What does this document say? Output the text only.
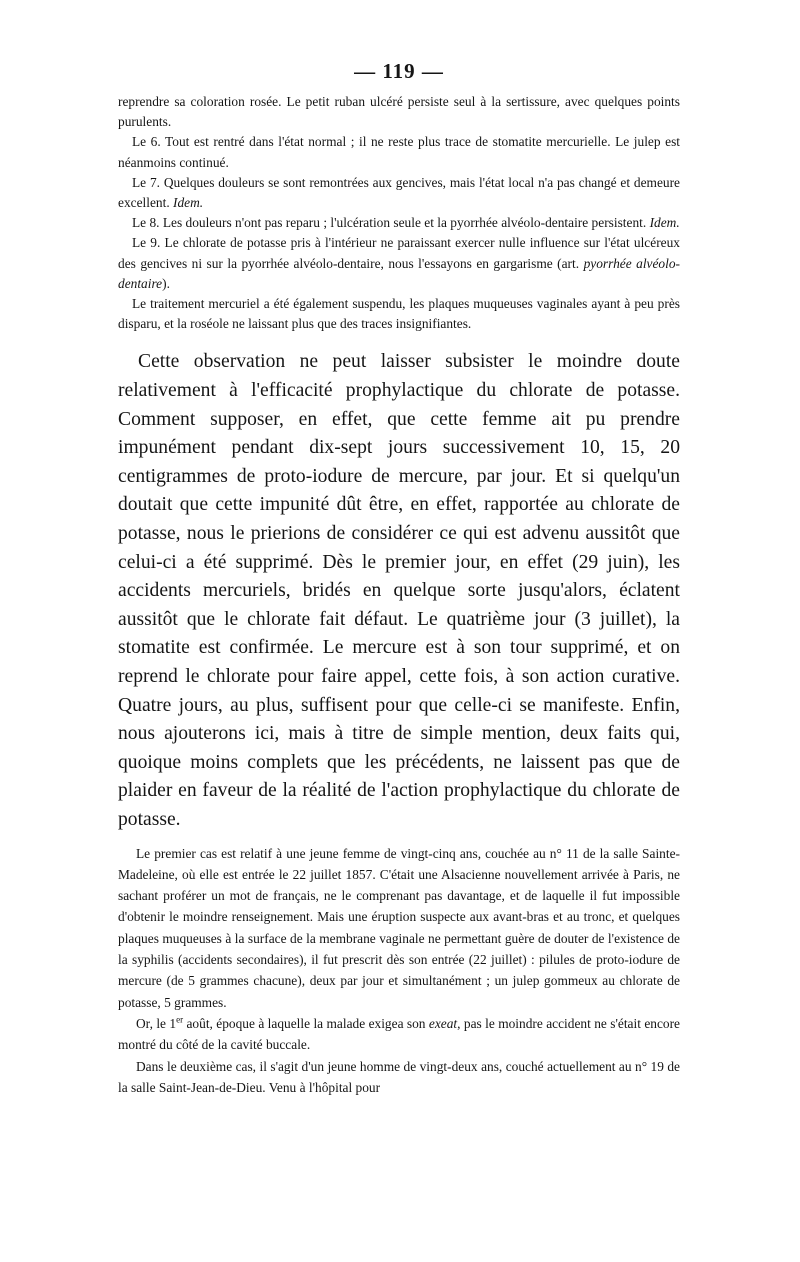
— 119 —

reprendre sa coloration rosée. Le petit ruban ulcéré persiste seul à la sertissure, avec quelques points purulents.

Le 6. Tout est rentré dans l'état normal ; il ne reste plus trace de stomatite mercurielle. Le julep est néanmoins continué.

Le 7. Quelques douleurs se sont remontrées aux gencives, mais l'état local n'a pas changé et demeure excellent. Idem.

Le 8. Les douleurs n'ont pas reparu ; l'ulcération seule et la pyorrhée alvéolo-dentaire persistent. Idem.

Le 9. Le chlorate de potasse pris à l'intérieur ne paraissant exercer nulle influence sur l'état ulcéreux des gencives ni sur la pyorrhée alvéolo-dentaire, nous l'essayons en gargarisme (art. pyorrhée alvéolo-dentaire).

Le traitement mercuriel a été également suspendu, les plaques muqueuses vaginales ayant à peu près disparu, et la roséole ne laissant plus que des traces insignifiantes.

Cette observation ne peut laisser subsister le moindre doute relativement à l'efficacité prophylactique du chlorate de potasse. Comment supposer, en effet, que cette femme ait pu prendre impunément pendant dix-sept jours successivement 10, 15, 20 centigrammes de proto-iodure de mercure, par jour. Et si quelqu'un doutait que cette impunité dût être, en effet, rapportée au chlorate de potasse, nous le prierions de considérer ce qui est advenu aussitôt que celui-ci a été supprimé. Dès le premier jour, en effet (29 juin), les accidents mercuriels, bridés en quelque sorte jusqu'alors, éclatent aussitôt que le chlorate fait défaut. Le quatrième jour (3 juillet), la stomatite est confirmée. Le mercure est à son tour supprimé, et on reprend le chlorate pour faire appel, cette fois, à son action curative. Quatre jours, au plus, suffisent pour que celle-ci se manifeste. Enfin, nous ajouterons ici, mais à titre de simple mention, deux faits qui, quoique moins complets que les précédents, ne laissent pas que de plaider en faveur de la réalité de l'action prophylactique du chlorate de potasse.

Le premier cas est relatif à une jeune femme de vingt-cinq ans, couchée au n° 11 de la salle Sainte-Madeleine, où elle est entrée le 22 juillet 1857. C'était une Alsacienne nouvellement arrivée à Paris, ne sachant proférer un mot de français, ne le comprenant pas davantage, et de laquelle il fut impossible d'obtenir le moindre renseignement. Mais une éruption suspecte aux avant-bras et au tronc, et quelques plaques muqueuses à la surface de la membrane vaginale ne permettant guère de douter de l'existence de la syphilis (accidents secondaires), il fut prescrit dès son entrée (22 juillet) : pilules de proto-iodure de mercure (de 5 grammes chacune), deux par jour et simultanément ; un julep gommeux au chlorate de potasse, 5 grammes.

Or, le 1er août, époque à laquelle la malade exigea son exeat, pas le moindre accident ne s'était encore montré du côté de la cavité buccale.

Dans le deuxième cas, il s'agit d'un jeune homme de vingt-deux ans, couché actuellement au n° 19 de la salle Saint-Jean-de-Dieu. Venu à l'hôpital pour
